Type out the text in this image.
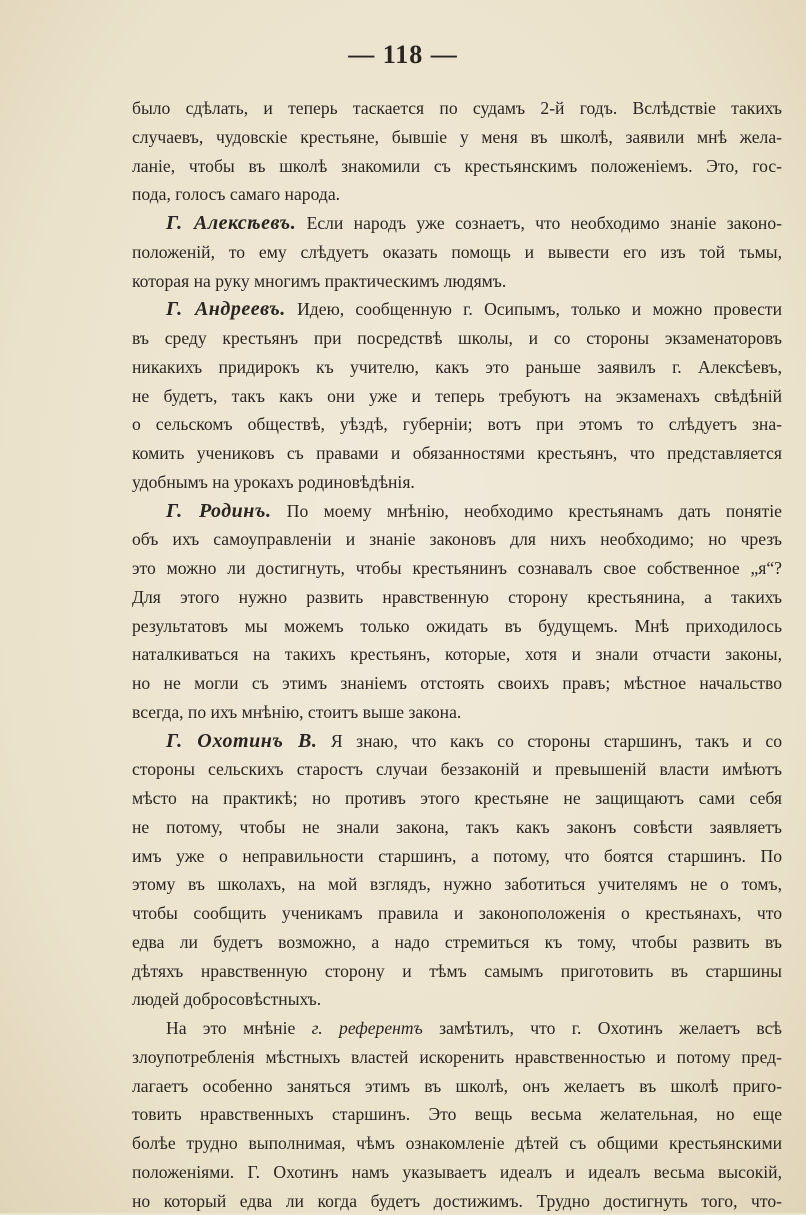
— 118 —
было сдѣлать, и теперь таскается по судамъ 2-й годъ. Вслѣдствіе такихъ
случаевъ, чудовскіе крестьяне, бывшіе у меня въ школѣ, заявили мнѣ жела-
ланіе, чтобы въ школѣ знакомили съ крестьянскимъ положеніемъ. Это, гос-
пода, голосъ самаго народа.
Г. Алексѣевъ. Если народъ уже сознаетъ, что необходимо знаніе законо-
положеній, то ему слѣдуетъ оказать помощь и вывести его изъ той тьмы,
которая на руку многимъ практическимъ людямъ.
Г. Андреевъ. Идею, сообщенную г. Осипымъ, только и можно провести
въ среду крестьянъ при посредствѣ школы, и со стороны экзаменаторовъ
никакихъ придирокъ къ учителю, какъ это раньше заявилъ г. Алексѣевъ,
не будетъ, такъ какъ они уже и теперь требуютъ на экзаменахъ свѣдѣній
о сельскомъ обществѣ, уѣздѣ, губерніи; вотъ при этомъ то слѣдуетъ зна-
комить учениковъ съ правами и обязанностями крестьянъ, что представляется
удобнымъ на урокахъ родиновѣдѣнія.
Г. Родинъ. По моему мнѣнію, необходимо крестьянамъ дать понятіе
объ ихъ самоуправленіи и знаніе законовъ для нихъ необходимо; но чрезъ
это можно ли достигнуть, чтобы крестьянинъ сознавалъ свое собственное „я“?
Для этого нужно развить нравственную сторону крестьянина, а такихъ
результатовъ мы можемъ только ожидать въ будущемъ. Мнѣ приходилось
наталкиваться на такихъ крестьянъ, которые, хотя и знали отчасти законы,
но не могли съ этимъ знаніемъ отстоять своихъ правъ; мѣстное начальство
всегда, по ихъ мнѣнію, стоитъ выше закона.
Г. Охотинъ В. Я знаю, что какъ со стороны старшинъ, такъ и со
стороны сельскихъ старостъ случаи беззаконій и превышеній власти имѣютъ
мѣсто на практикѣ; но противъ этого крестьяне не защищаютъ сами себя
не потому, чтобы не знали закона, такъ какъ законъ совѣсти заявляетъ
имъ уже о неправильности старшинъ, а потому, что боятся старшинъ. По
этому въ школахъ, на мой взглядъ, нужно заботиться учителямъ не о томъ,
чтобы сообщить ученикамъ правила и законоположенія о крестьянахъ, что
едва ли будетъ возможно, а надо стремиться къ тому, чтобы развить въ
дѣтяхъ нравственную сторону и тѣмъ самымъ приготовить въ старшины
людей добросовѣстныхъ.
На это мнѣніе г. референтъ замѣтилъ, что г. Охотинъ желаетъ всѣ
злоупотребленія мѣстныхъ властей искоренить нравственностью и потому пред-
лагаетъ особенно заняться этимъ въ школѣ, онъ желаетъ въ школѣ приго-
товить нравственныхъ старшинъ. Это вещь весьма желательная, но еще
болѣе трудно выполнимая, чѣмъ ознакомленіе дѣтей съ общими крестьянскими
положеніями. Г. Охотинъ намъ указываетъ идеалъ и идеалъ весьма высокій,
но который едва ли когда будетъ достижимъ. Трудно достигнуть того, что-
